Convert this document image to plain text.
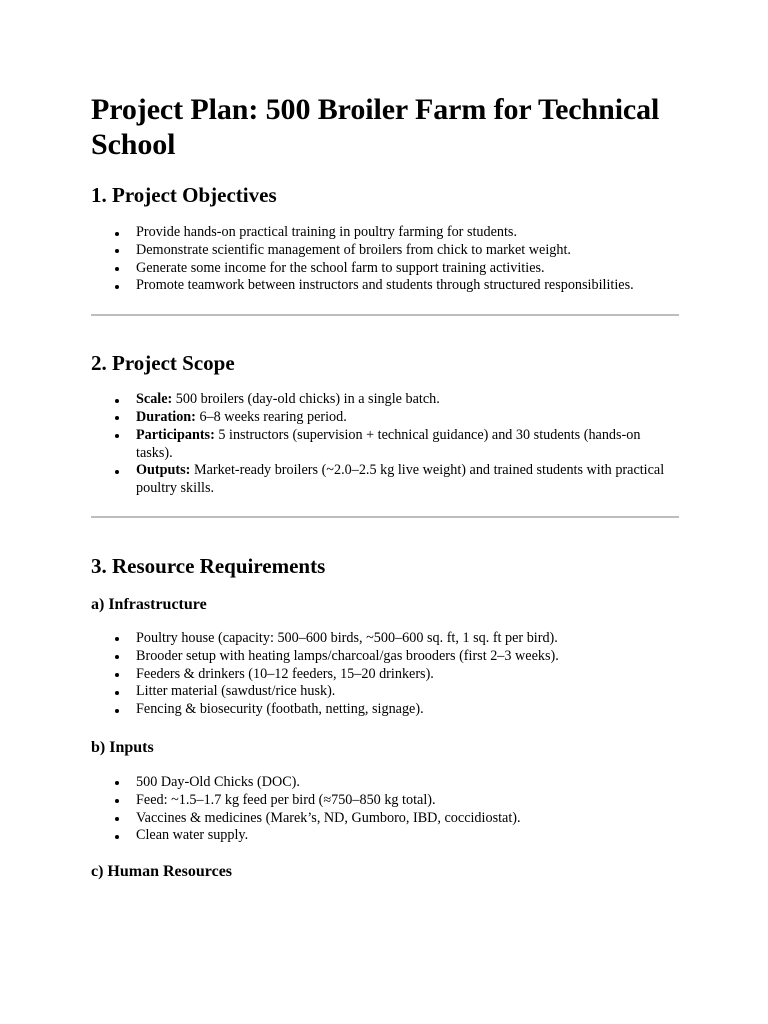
Project Plan: 500 Broiler Farm for Technical School
1. Project Objectives
Provide hands-on practical training in poultry farming for students.
Demonstrate scientific management of broilers from chick to market weight.
Generate some income for the school farm to support training activities.
Promote teamwork between instructors and students through structured responsibilities.
2. Project Scope
Scale: 500 broilers (day-old chicks) in a single batch.
Duration: 6–8 weeks rearing period.
Participants: 5 instructors (supervision + technical guidance) and 30 students (hands-on tasks).
Outputs: Market-ready broilers (~2.0–2.5 kg live weight) and trained students with practical poultry skills.
3. Resource Requirements
a) Infrastructure
Poultry house (capacity: 500–600 birds, ~500–600 sq. ft, 1 sq. ft per bird).
Brooder setup with heating lamps/charcoal/gas brooders (first 2–3 weeks).
Feeders & drinkers (10–12 feeders, 15–20 drinkers).
Litter material (sawdust/rice husk).
Fencing & biosecurity (footbath, netting, signage).
b) Inputs
500 Day-Old Chicks (DOC).
Feed: ~1.5–1.7 kg feed per bird (≈750–850 kg total).
Vaccines & medicines (Marek’s, ND, Gumboro, IBD, coccidiostat).
Clean water supply.
c) Human Resources
